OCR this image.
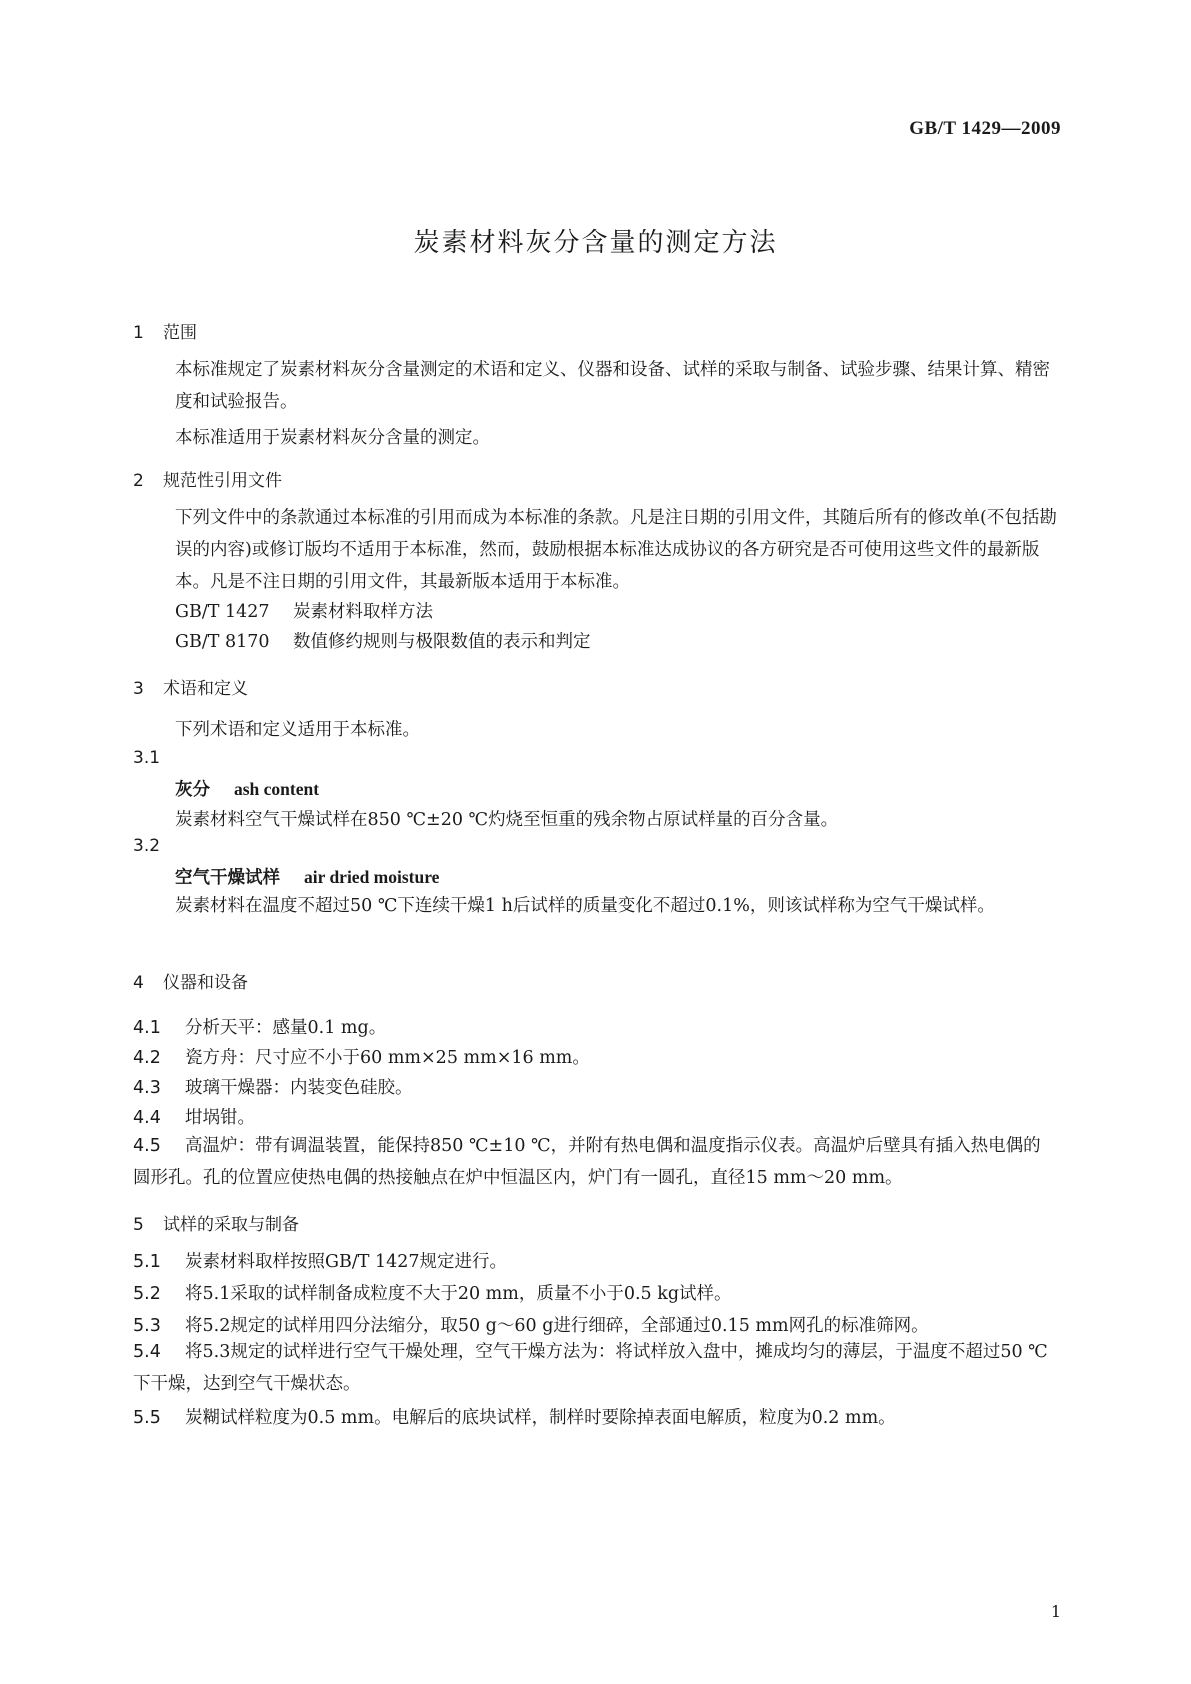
GB/T 1429—2009
炭素材料灰分含量的测定方法
1 范围
本标准规定了炭素材料灰分含量测定的术语和定义、仪器和设备、试样的采取与制备、试验步骤、结果计算、精密度和试验报告。
本标准适用于炭素材料灰分含量的测定。
2 规范性引用文件
下列文件中的条款通过本标准的引用而成为本标准的条款。凡是注日期的引用文件，其随后所有的修改单(不包括勘误的内容)或修订版均不适用于本标准，然而，鼓励根据本标准达成协议的各方研究是否可使用这些文件的最新版本。凡是不注日期的引用文件，其最新版本适用于本标准。
GB/T 1427 炭素材料取样方法
GB/T 8170 数值修约规则与极限数值的表示和判定
3 术语和定义
下列术语和定义适用于本标准。
3.1
灰分 ash content
炭素材料空气干燥试样在850 ℃±20 ℃灼烧至恒重的残余物占原试样量的百分含量。
3.2
空气干燥试样 air dried moisture
炭素材料在温度不超过50 ℃下连续干燥1 h后试样的质量变化不超过0.1%，则该试样称为空气干燥试样。
4 仪器和设备
4.1 分析天平：感量0.1 mg。
4.2 瓷方舟：尺寸应不小于60 mm×25 mm×16 mm。
4.3 玻璃干燥器：内装变色硅胶。
4.4 坩埚钳。
4.5 高温炉：带有调温装置，能保持850 ℃±10 ℃，并附有热电偶和温度指示仪表。高温炉后壁具有插入热电偶的圆形孔。孔的位置应使热电偶的热接触点在炉中恒温区内，炉门有一圆孔，直径15 mm～20 mm。
5 试样的采取与制备
5.1 炭素材料取样按照GB/T 1427规定进行。
5.2 将5.1采取的试样制备成粒度不大于20 mm，质量不小于0.5 kg试样。
5.3 将5.2规定的试样用四分法缩分，取50 g～60 g进行细碎，全部通过0.15 mm网孔的标准筛网。
5.4 将5.3规定的试样进行空气干燥处理，空气干燥方法为：将试样放入盘中，摊成均匀的薄层，于温度不超过50 ℃下干燥，达到空气干燥状态。
5.5 炭糊试样粒度为0.5 mm。电解后的底块试样，制样时要除掉表面电解质，粒度为0.2 mm。
1
